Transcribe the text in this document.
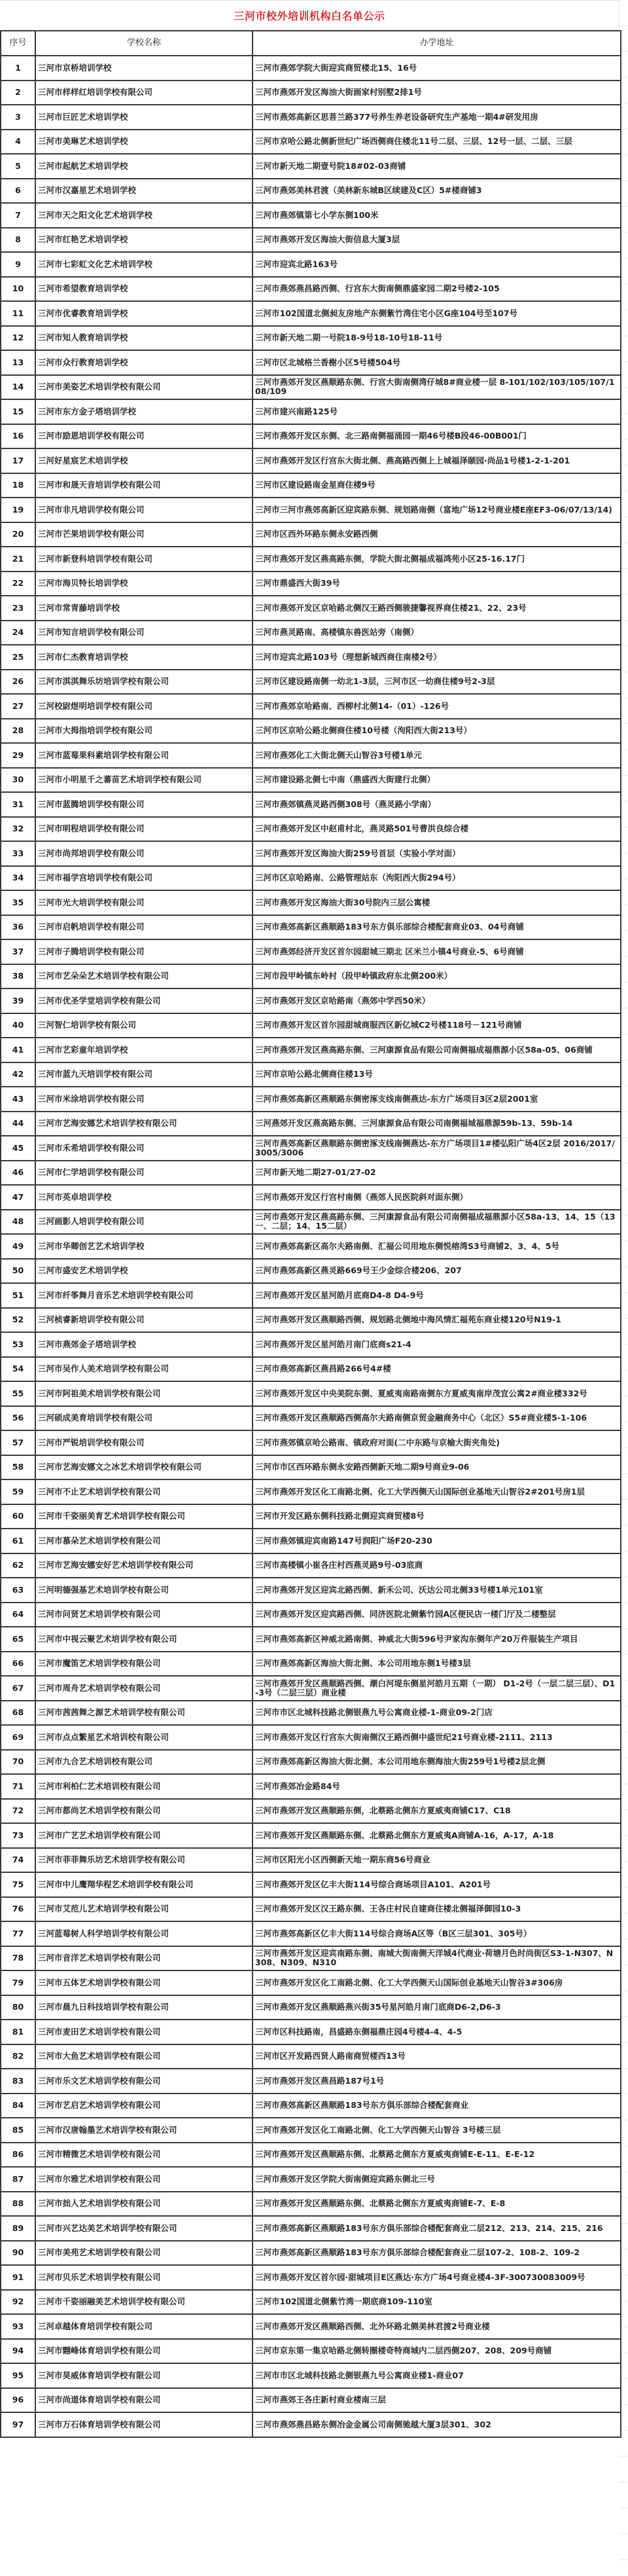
三河市校外培训机构白名单公示
序号	学校名称	办学地址
1	三河市京桥培训学校	三河市燕郊学院大街迎宾商贸楼北15、16号
2	三河市样样红培训学校有限公司	三河市燕郊开发区海油大街画家村别墅2排1号
3	三河市巨匠艺术培训学校	三河市燕郊高新区思菩兰路377号养生养老设备研究生产基地一期4#研发用房
4	三河市美琳艺术培训学校	三河市京哈公路北侧新世纪广场西侧商住楼北11号二层、三层、12号一层、二层、三层
5	三河市起航艺术培训学校	三河市新天地二期壹号院18#02-03商铺
6	三河市汉嘉星艺术培训学校	三河市燕郊美林君渡（美林新东城B区续建及C区）5#楼商铺3
7	三河市天之阳文化艺术培训学校	三河市燕郊镇第七小学东侧100米
8	三河市红艳艺术培训学校	三河市燕郊开发区海油大街信息大厦3层
9	三河市七彩虹文化艺术培训学校	三河市迎宾北路163号
10	三河市希望教育培训学校	三河市燕郊燕昌路西侧、行宫东大街南侧鼎盛家园二期2号楼2-105
11	三河市优睿教育培训学校	三河市102国道北侧昶友房地产东侧紫竹湾住宅小区G座104号至107号
12	三河市知人教育培训学校	三河市新天地二期一号院18-9号18-10号18-11号
13	三河市众行教育培训学校	三河市区北城格兰香榭小区5号楼504号
14	三河市美姿艺术培训学校有限公司	三河市燕郊开发区燕顺路东侧、行宫大街南侧湾仔城8#商业楼一层 8-101/102/103/105/107/108/109
15	三河市东方金子塔培训学校	三河市建兴南路125号
16	三河市励恩培训学校有限公司	三河市燕郊开发区东侧、北三路南侧福涌园一期46号楼B段46-00B001门
17	三河好星宸艺术培训学校	三河市燕郊开发区行宫东大街北侧、燕高路西侧上上城福泽颐园·尚品1号楼1-2-1-201
18	三河市和晟天音培训学校有限公司	三河市区建设路南金星商住楼9号
19	三河市非凡培训学校有限公司	三河市三河市燕郊高新区迎宾路东侧、规划路南侧（富地广场12号商业楼E座EF3-06/07/13/14)
20	三河市芒果培训学校有限公司	三河市区西外环路东侧永安路西侧
21	三河市新登科培训学校有限公司	三河市燕郊开发区燕高路东侧，学院大街北侧福成福鸿苑小区25-16.17门
22	三河市海贝特长培训学校	三河市鼎盛西大街39号
23	三河市常青藤培训学校	三河市燕郊开发区京哈路北侧汉王路西侧骏捷馨视界商住楼21、22、23号
24	三河市知言培训学校有限公司	三河市燕灵路南、高楼镇东兽医站旁（南侧）
25	三河市仁杰教育培训学校	三河市迎宾北路103号（理想新城西商住南楼2号）
26	三河市淇淇舞乐坊培训学校有限公司	三河市区建设路南侧一幼北1-3层，三河市区一幼商住楼9号2-3层
27	三河校尉煜明培训学校有限公司	三河市燕郊京哈路南、西柳村北侧14-（01）-126号
28	三河市大拇指培训学校有限公司	三河市区京哈公路北侧商住楼10号楼（泃阳西大街213号）
29	三河市蓝莓果科素培训学校有限公司	三河市燕郊化工大街北侧天山智谷3号楼1单元
30	三河市小明星千之蕃苗艺术培训学校有限公司	三河市建设路北侧七中南（鼎盛西大街建行北侧）
31	三河市蓝腾培训学校有限公司	三河市燕郊镇燕灵路西侧308号（燕灵路小学南）
32	三河市明程培训学校有限公司	三河市燕郊开发区中赵甫村北，燕灵路501号曹洪良综合楼
33	三河市尚邦培训学校有限公司	三河市燕郊开发区海油大街259号首层（实验小学对面）
34	三河市福学宫培训学校有限公司	三河市区京哈路南、公路管理站东（泃阳西大街294号）
35	三河市光大培训学校有限公司	三河市燕郊开发区海油大街30号院内三层公寓楼
36	三河市启帆培训学校有限公司	三河市燕郊高新区燕顺路183号东方俱乐部综合楼配套商业03、04号商铺
37	三河市子腾培训学校有限公司	三河市燕郊经济开发区首尔园甜城三期北 区米兰小镇4号商业-5、6号商铺
38	三河市艺朵朵艺术培训学校有限公司	三河市段甲岭镇东岭村（段甲岭镇政府东北侧200米）
39	三河市优圣学堂培训学校有限公司	三河市燕郊开发区京哈路南（燕郊中学西50米）
40	三河智仁培训学校有限公司	三河市燕郊开发区首尔园甜城商服西区新亿城C2号楼118号－121号商铺
41	三河市艺彩童年培训学校	三河市燕郊开发区燕高路东侧、三河康源食品有限公司南侧福成福鼎源小区58a-05、06商铺
42	三河市蓝九天培训学校有限公司	三河市京哈公路北侧商住楼13号
43	三河市米涂培训学校有限公司	三河市燕郊高新区燕顺路东侧密涿支线南侧燕达-东方广场项目3区2层2001室
44	三河市艺海安娜艺术培训学校有限公司	三河燕郊开发区燕高路东侧、三河康源食品有限公司南侧福城福鼎源59b-13、59b-14
45	三河市禾希培训学校有限公司	三河市燕郊高新区燕顺路东侧密涿支线南侧燕达-东方广场项目1#楼弘阳广场4区2层 2016/2017/3005/3006
46	三河市仁学培训学校有限公司	三河市新天地二期27-01/27-02
47	三河市英卓培训学校	三河市燕郊开发区行宫村南侧（燕郊人民医院斜对面东侧）
48	三河画影人培训学校有限公司	三河市燕郊开发区燕高路东侧、三河康源食品有限公司南侧福成福鼎源小区58a-13、14、15（13一、二层；14、15二层）
49	三河市华卿创艺艺术培训学校	三河市燕郊高新区高尔夫路南侧、汇福公司用地东侧悦榕湾S3号商铺2、3、4、5号
50	三河市盛安艺术培训学校	三河市燕郊高新区燕灵路669号王少金综合楼206、207
51	三河市纤筝舞月音乐艺术培训学校有限公司	三河市燕郊开发区星河皓月底商D4-8 D4-9号
52	三河桢睿新培训学校有限公司	三河市燕郊开发区燕顺路西侧、规划路北侧地中海风情汇福苑东商业楼120号N19-1
53	三河市燕郊金子塔培训学校	三河市燕郊开发区星河皓月南门底商s21-4
54	三河市吴作人美术培训学校有限公司	三河市燕郊高新区燕昌路266号4#楼
55	三河市阿祖美术培训学校有限公司	三河市燕郊开发区中央美院东侧、夏威夷南路南侧东方夏威夷南岸茂宜公寓2#商业楼332号
56	三河硕成美育培训学校有限公司	三河市燕郊开发区燕顺路西侧高尔夫路南侧京贸金融商务中心（北区）S5#商业楼5-1-106
57	三河市严锐培训学校有限公司	三河市燕郊镇京哈公路南、镇政府对面(二中东路与京榆大街夹角处)
58	三河市艺海安娜文之冰艺术培训学校有限公司	三河市市区西环路东侧永安路西侧新天地二期9号商业9-06
59	三河市不止艺术培训学校有限公司	三河市燕郊开发区化工南路北侧、化工大学西侧天山国际创业基地天山智谷2#201号房1层
60	三河市千姿丽美育艺术培训学校有限公司	三河市开发区路东侧科技路北侧迎宾商贸楼8号
61	三河市慕朵艺术培训学校有限公司	三河市燕郊镇迎宾南路147号润阳广场F20-230
62	三河市艺海安娜安好艺术培训学校有限公司	三河市高楼镇小崔各庄村西燕灵路9号-03底商
63	三河明德强基艺术培训学校有限公司	三河市燕郊开发区迎宾北路西侧、新禾公司、沃达公司北侧33号楼1单元101室
64	三河市问贤艺术培训学校有限公司	三河市燕郊开发区迎宾路西侧、同济医院北侧紫竹园A区便民店一楼门厅及二楼整层
65	三河市中视云聚艺术培训学校有限公司	三河市燕郊高新区神威北路南侧、神威北大街596号尹家沟东侧年产20万件服装生产项目
66	三河市魔笛艺术培训学校有限公司	三河市燕郊高新区海油大街北侧、本公司用地东侧1号楼3层
67	三河市周舟艺术培训学校有限公司	三河市燕郊开发区燕顺路西侧、潮白河堤东侧星河皓月五期（一期） D1-2号（一层二层三层）、D1-3号（二层三层）商业楼
68	三河市茜茜舞之源艺术培训学校有限公司	三河市市区北城科技路北侧银燕九号公寓商业楼-1-商业09-2门店
69	三河市点点繁星艺术培训校有限公司	三河市燕郊开发区行宫东大街南侧汉王路西侧中盛世纪21号商业楼-2111、2113
70	三河市九合艺术培训校有限公司	三河市燕郊高新区海油大街北侧、本公司用地东侧海油大街259号1号楼2层北侧
71	三河市利柏仁艺术培训校有限公司	三河市燕郊冶金路84号
72	三河市都尚艺术培训学校有限公司	三河市燕郊开发区燕顺路东侧，北蔡路北侧东方夏威夷商铺C17、C18
73	三河市广艺艺术培训学校有限公司	三河市燕郊开发区燕顺路东侧、北蔡路北侧东方夏威夷A商铺A-16，A-17，A-18
74	三河市菲菲舞乐坊艺术培训学校有限公司	三河市区阳光小区西侧新天地一期东商56号商业
75	三河市中儿鹰翔华程艺术培训学校有限公司	三河市燕郊开发区亿丰大街114号综合商场项目A101、A201号
76	三河市艾范儿艺术培训学校有限公司	三河市燕郊开发区汉王路东侧、王各庄村民自建商住楼北侧福泽御园10-3
77	三河蓝莓树人科学培训学校有限公司	三河市燕郊高新区亿丰大街114号综合商场A区等（B区三层301、305号）
78	三河市音洋艺术培训学校有限公司	三河市燕郊开发区迎宾南路东侧、南城大街南侧天洋城4代商业·荷塘月色时尚街区S3-1-N307、N308、N309、N310
79	三河市五体艺术培训学校有限公司	三河市燕郊开发区化工南路北侧、化工大学西侧天山国际创业基地天山智谷3#306房
80	三河市晨九日科技培训学校有限公司	三河市燕郊开发区燕顺路燕兴街35号星河皓月南门底商D6-2,D6-3
81	三河市麦田艺术培训学校有限公司	三河市区科技路南，昌盛路东侧福鼎庄园4号楼4-4、4-5
82	三河市大鱼艺术培训学校有限公司	三河市区开发路西贤人路南商贸楼西13号
83	三河市乐文艺术培训学校有限公司	三河市燕郊开发区燕昌路187号1号
84	三河市艺启艺术培训学校有限公司	三河市燕郊高新区燕顺路183号东方俱乐部综合楼配套商业
85	三河市汉唐翰墨艺术培训学校有限公司	三河市燕郊开发区化工南路北侧、化工大学西侧天山智谷 3号楼三层
86	三河市精微艺术培训学校有限公司	三河市燕郊开发区燕顺路东侧、北蔡路北侧东方夏威夷商铺E-E-11、E-E-12
87	三河市尔雅艺术培训学校有限公司	三河市燕郊开发区学院大街南侧迎宾路东侧北三号
88	三河市拙人艺术培训学校有限公司	三河市燕郊开发区燕顺路东侧、北蔡路北侧东方夏威夷商铺E-7、E-8
89	三河市兴艺达美艺术培训学校有限公司	三河市燕郊高新区燕顺路183号东方俱乐部综合楼配套商业二层212、213、214、215、216
90	三河市美苑艺术培训学校有限公司	三河市燕郊高新区燕顺路183号东方俱乐部综合楼配套商业二层107-2、108-2、109-2
91	三河市贝乐艺术培训学校有限公司	三河市燕郊开发区首尔园·甜城项目E区燕达·东方广场4号商业楼4-3F-300730083009号
92	三河市千姿丽融美艺术培训学校有限公司	三河市102国道北侧紫竹湾一期底商109-110室
93	三河卓越体育培训学校有限公司	三河市燕郊开发区燕顺路西侧、北外环路北侧美林君渡2号商业楼
94	三河市翾峰体育培训学校有限公司	三河市京东第一集京哈路北侧转圈楼奇特商城内二层西侧207、208、209号商铺
95	三河市昊威体育培训学校有限公司	三河市市区北城科技路北侧银燕九号公寓商业楼1-商业07
96	三河市尚道体育培训学校有限公司	三河市燕郊王各庄新村商业楼南三层
97	三河市万石体育培训学校有限公司	三河市燕郊燕昌路东侧冶金金属公司南侧驰越大厦3层301、302
